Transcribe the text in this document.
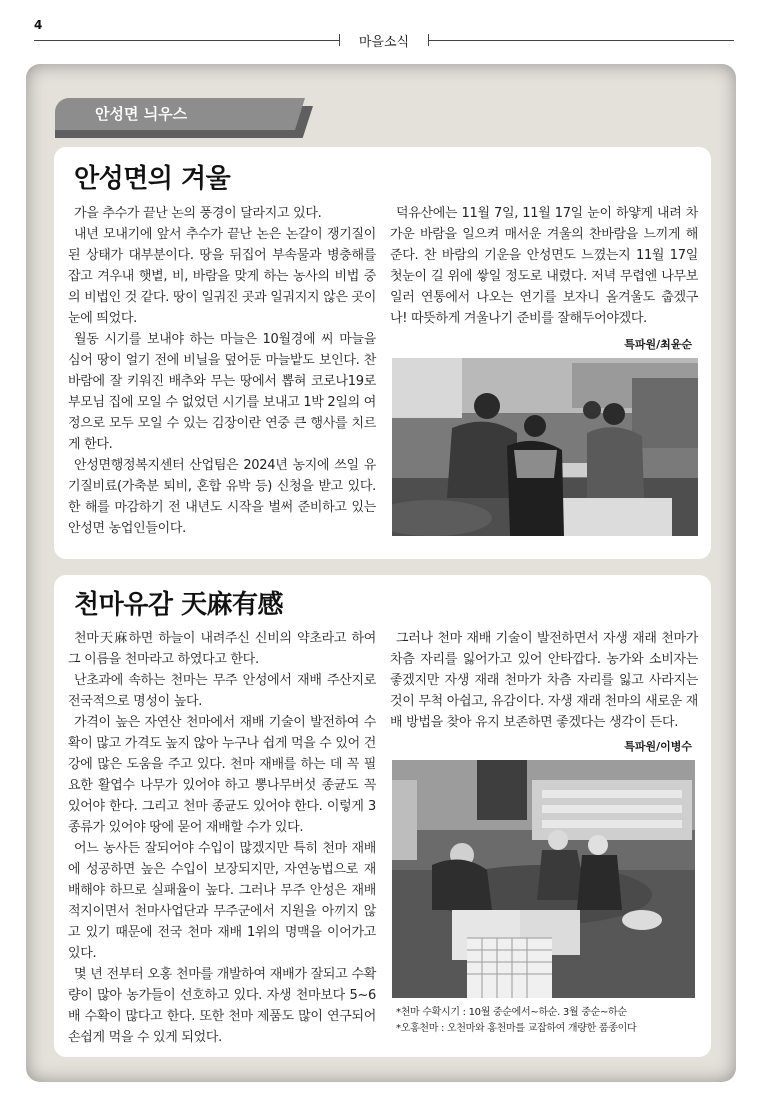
4
마을소식
안성면 늬우스
안성면의 겨울

가을 추수가 끝난 논의 풍경이 달라지고 있다.

내년 모내기에 앞서 추수가 끝난 논은 논갈이 쟁기질이 된 상태가 대부분이다. 땅을 뒤집어 부속물과 병충해를 잡고 겨우내 햇볕, 비, 바람을 맞게 하는 농사의 비법 중의 비법인 것 같다. 땅이 일궈진 곳과 일궈지지 않은 곳이 눈에 띄었다.

월동 시기를 보내야 하는 마늘은 10월경에 씨 마늘을 심어 땅이 얼기 전에 비닐을 덮어둔 마늘밭도 보인다. 찬 바람에 잘 키워진 배추와 무는 땅에서 뽑혀 코로나19로 부모님 집에 모일 수 없었던 시기를 보내고 1박 2일의 여정으로 모두 모일 수 있는 김장이란 연중 큰 행사를 치르게 한다.

안성면행정복지센터 산업팀은 2024년 농지에 쓰일 유기질비료(가축분 퇴비, 혼합 유박 등) 신청을 받고 있다. 한 해를 마감하기 전 내년도 시작을 벌써 준비하고 있는 안성면 농업인들이다.

덕유산에는 11월 7일, 11월 17일 눈이 하얗게 내려 차가운 바람을 일으켜 매서운 겨울의 찬바람을 느끼게 해준다. 찬 바람의 기운을 안성면도 느꼈는지 11월 17일 첫눈이 길 위에 쌓일 정도로 내렸다. 저녁 무렵엔 나무보일러 연통에서 나오는 연기를 보자니 올겨울도 춥겠구나! 따뜻하게 겨울나기 준비를 잘해두어야겠다.

특파원/최윤순
천마유감 天麻有感

천마天麻하면 하늘이 내려주신 신비의 약초라고 하여 그 이름을 천마라고 하였다고 한다.

난초과에 속하는 천마는 무주 안성에서 재배 주산지로 전국적으로 명성이 높다.

가격이 높은 자연산 천마에서 재배 기술이 발전하여 수확이 많고 가격도 높지 않아 누구나 쉽게 먹을 수 있어 건강에 많은 도움을 주고 있다. 천마 재배를 하는 데 꼭 필요한 활엽수 나무가 있어야 하고 뽕나무버섯 종균도 꼭 있어야 한다. 그리고 천마 종균도 있어야 한다. 이렇게 3종류가 있어야 땅에 묻어 재배할 수가 있다.

어느 농사든 잘되어야 수입이 많겠지만 특히 천마 재배에 성공하면 높은 수입이 보장되지만, 자연농법으로 재배해야 하므로 실패율이 높다. 그러나 무주 안성은 재배적지이면서 천마사업단과 무주군에서 지원을 아끼지 않고 있기 때문에 전국 천마 재배 1위의 명맥을 이어가고 있다.

몇 년 전부터 오홍 천마를 개발하여 재배가 잘되고 수확량이 많아 농가들이 선호하고 있다. 자생 천마보다 5~6배 수확이 많다고 한다. 또한 천마 제품도 많이 연구되어 손쉽게 먹을 수 있게 되었다.

그러나 천마 재배 기술이 발전하면서 자생 재래 천마가 차츰 자리를 잃어가고 있어 안타깝다. 농가와 소비자는 좋겠지만 자생 재래 천마가 차츰 자리를 잃고 사라지는 것이 무척 아쉽고, 유감이다. 자생 재래 천마의 새로운 재배 방법을 찾아 유지 보존하면 좋겠다는 생각이 든다.

특파원/이병수
*천마 수확시기 : 10월 중순에서~하순. 3월 중순~하순
*오홍천마 : 오천마와 홍천마를 교잡하여 개량한 품종이다
